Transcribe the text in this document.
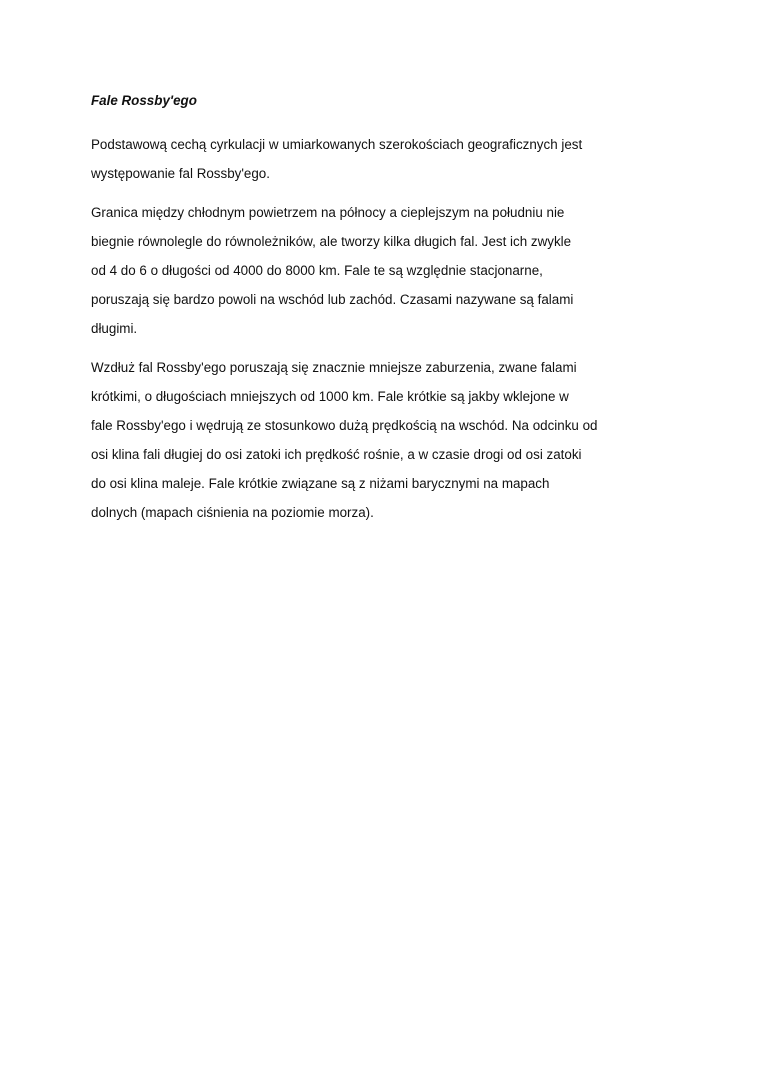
Fale Rossby'ego

Podstawową cechą cyrkulacji w umiarkowanych szerokościach geograficznych jest
występowanie fal Rossby'ego.

Granica między chłodnym powietrzem na północy a cieplejszym na południu nie
biegnie równolegle do równoleżników, ale tworzy kilka długich fal. Jest ich zwykle
od 4 do 6 o długości od 4000 do 8000 km. Fale te są względnie stacjonarne,
poruszają się bardzo powoli na wschód lub zachód. Czasami nazywane są falami
długimi.

Wzdłuż fal Rossby'ego poruszają się znacznie mniejsze zaburzenia, zwane falami
krótkimi, o długościach mniejszych od 1000 km. Fale krótkie są jakby wklejone w
fale Rossby'ego i wędrują ze stosunkowo dużą prędkością na wschód. Na odcinku od
osi klina fali długiej do osi zatoki ich prędkość rośnie, a w czasie drogi od osi zatoki
do osi klina maleje. Fale krótkie związane są z niżami barycznymi na mapach
dolnych (mapach ciśnienia na poziomie morza).
